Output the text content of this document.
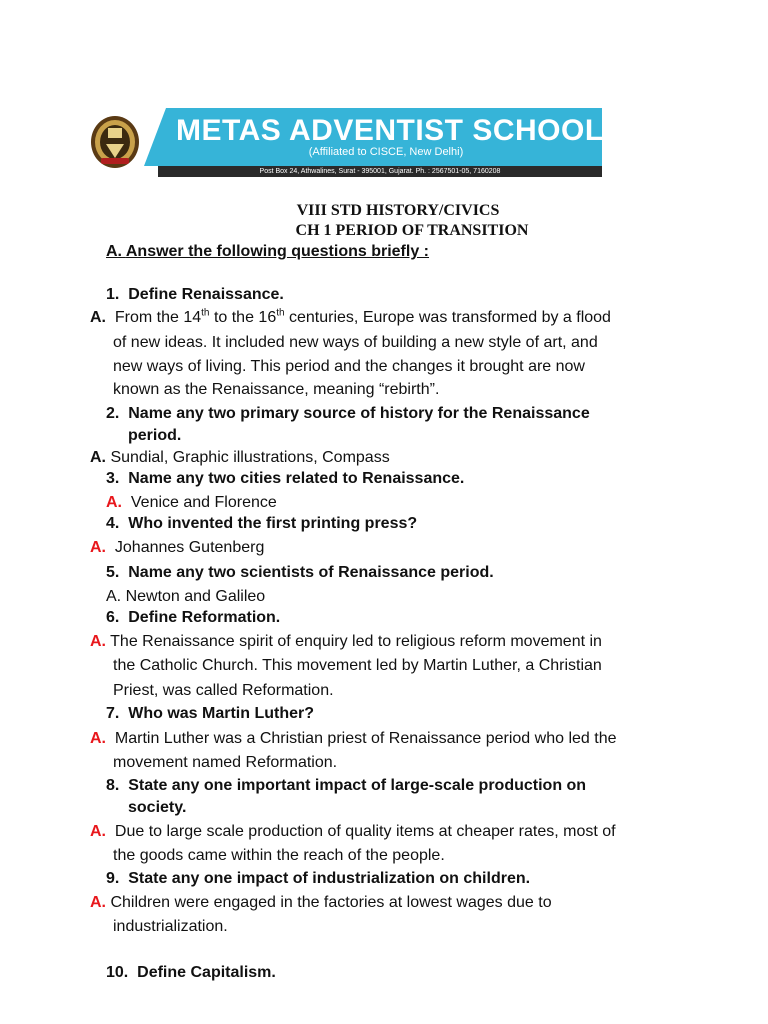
METAS ADVENTIST SCHOOL
(Affiliated to CISCE, New Delhi)
Post Box 24, Athwalines, Surat - 395001, Gujarat. Ph. : 2567501-05, 7160208
VIII STD HISTORY/CIVICS
CH 1 PERIOD OF TRANSITION
A. Answer the following questions briefly :
1. Define Renaissance.
A. From the 14th to the 16th centuries, Europe was transformed by a flood
of new ideas. It included new ways of building a new style of art, and
new ways of living. This period and the changes it brought are now
known as the Renaissance, meaning “rebirth”.
2. Name any two primary source of history for the Renaissance
period.
A. Sundial, Graphic illustrations, Compass
3. Name any two cities related to Renaissance.
A. Venice and Florence
4. Who invented the first printing press?
A. Johannes Gutenberg
5. Name any two scientists of Renaissance period.
A. Newton and Galileo
6. Define Reformation.
A. The Renaissance spirit of enquiry led to religious reform movement in
the Catholic Church. This movement led by Martin Luther, a Christian
Priest, was called Reformation.
7. Who was Martin Luther?
A. Martin Luther was a Christian priest of Renaissance period who led the
movement named Reformation.
8. State any one important impact of large-scale production on
society.
A. Due to large scale production of quality items at cheaper rates, most of
the goods came within the reach of the people.
9. State any one impact of industrialization on children.
A. Children were engaged in the factories at lowest wages due to
industrialization.
10. Define Capitalism.
